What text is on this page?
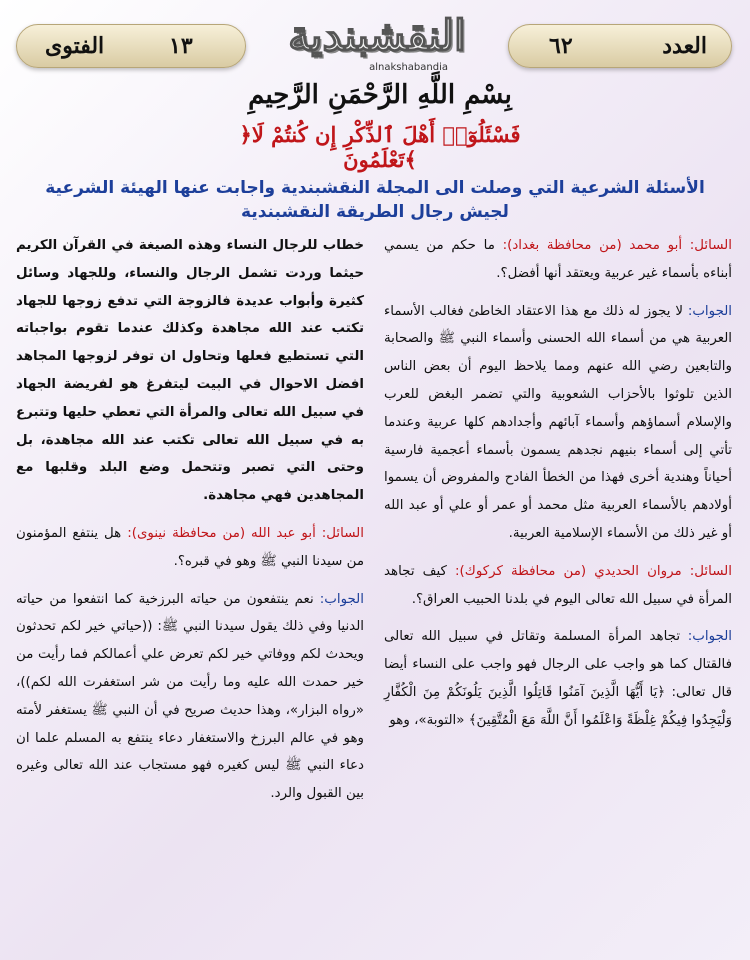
الفتوى	١٣	النقشبندية
alnakshabandia
٦٢	العدد
بِسْمِ اللَّهِ الرَّحْمَنِ الرَّحِيمِ
﴿فَسْئَلُوٓا۟ أَهْلَ ٱلذِّكْرِ إِن كُنتُمْ لَا تَعْلَمُونَ﴾
الأسئلة الشرعية التي وصلت الى المجلة النقشبندية واجابت عنها الهيئة الشرعية
لجيش رجال الطريقة النقشبندية

السائل: أبو محمد (من محافظة بغداد): ما حكم من يسمي أبناءه بأسماء غير عربية ويعتقد أنها أفضل؟.

الجواب: لا يجوز له ذلك مع هذا الاعتقاد الخاطئ فغالب الأسماء العربية هي من أسماء الله الحسنى وأسماء النبي ﷺ والصحابة والتابعين رضي الله عنهم ومما يلاحظ اليوم أن بعض الناس الذين تلوثوا بالأحزاب الشعوبية والتي تضمر البغض للعرب والإسلام أسماؤهم وأسماء آبائهم وأجدادهم كلها عربية وعندما تأتي إلى أسماء بنيهم نجدهم يسمون بأسماء أعجمية فارسية أحياناً وهندية أخرى فهذا من الخطأ الفادح والمفروض أن يسموا أولادهم بالأسماء العربية مثل محمد أو عمر أو علي أو عبد الله أو غير ذلك من الأسماء الإسلامية العربية.

السائل: مروان الحديدي (من محافظة كركوك): كيف تجاهد المرأة في سبيل الله تعالى اليوم في بلدنا الحبيب العراق؟.

الجواب: تجاهد المرأة المسلمة وتقاتل في سبيل الله تعالى فالقتال كما هو واجب على الرجال فهو واجب على النساء أيضا قال تعالى: ﴿يَا أَيُّهَا الَّذِينَ آمَنُوا قَاتِلُوا الَّذِينَ يَلُونَكُمْ مِنَ الْكُفَّارِ وَلْيَجِدُوا فِيكُمْ غِلْظَةً وَاعْلَمُوا أَنَّ اللَّهَ مَعَ الْمُتَّقِينَ﴾ «التوبة»، وهو

خطاب للرجال النساء وهذه الصيغة في القرآن الكريم حيثما وردت تشمل الرجال والنساء، وللجهاد وسائل كثيرة وأبواب عديدة فالزوجة التي تدفع زوجها للجهاد تكتب عند الله مجاهدة وكذلك عندما تقوم بواجباته التي تستطيع فعلها وتحاول ان توفر لزوجها المجاهد افضل الاحوال في البيت ليتفرغ هو لفريضة الجهاد في سبيل الله تعالى والمرأة التي تعطي حليها وتتبرع به في سبيل الله تعالى تكتب عند الله مجاهدة، بل وحتى التي تصبر وتتحمل وضع البلد وقلبها مع المجاهدين فهي مجاهدة.

السائل: أبو عبد الله (من محافظة نينوى): هل ينتفع المؤمنون من سيدنا النبي ﷺ وهو في قبره؟.

الجواب: نعم ينتفعون من حياته البرزخية كما انتفعوا من حياته الدنيا وفي ذلك يقول سيدنا النبي ﷺ: ((حياتي خير لكم تحدثون ويحدث لكم ووفاتي خير لكم تعرض علي أعمالكم فما رأيت من خير حمدت الله عليه وما رأيت من شر استغفرت الله لكم))، «رواه البزار»، وهذا حديث صريح في أن النبي ﷺ يستغفر لأمته وهو في عالم البرزخ والاستغفار دعاء ينتفع به المسلم علما ان دعاء النبي ﷺ ليس كغيره فهو مستجاب عند الله تعالى وغيره بين القبول والرد.
